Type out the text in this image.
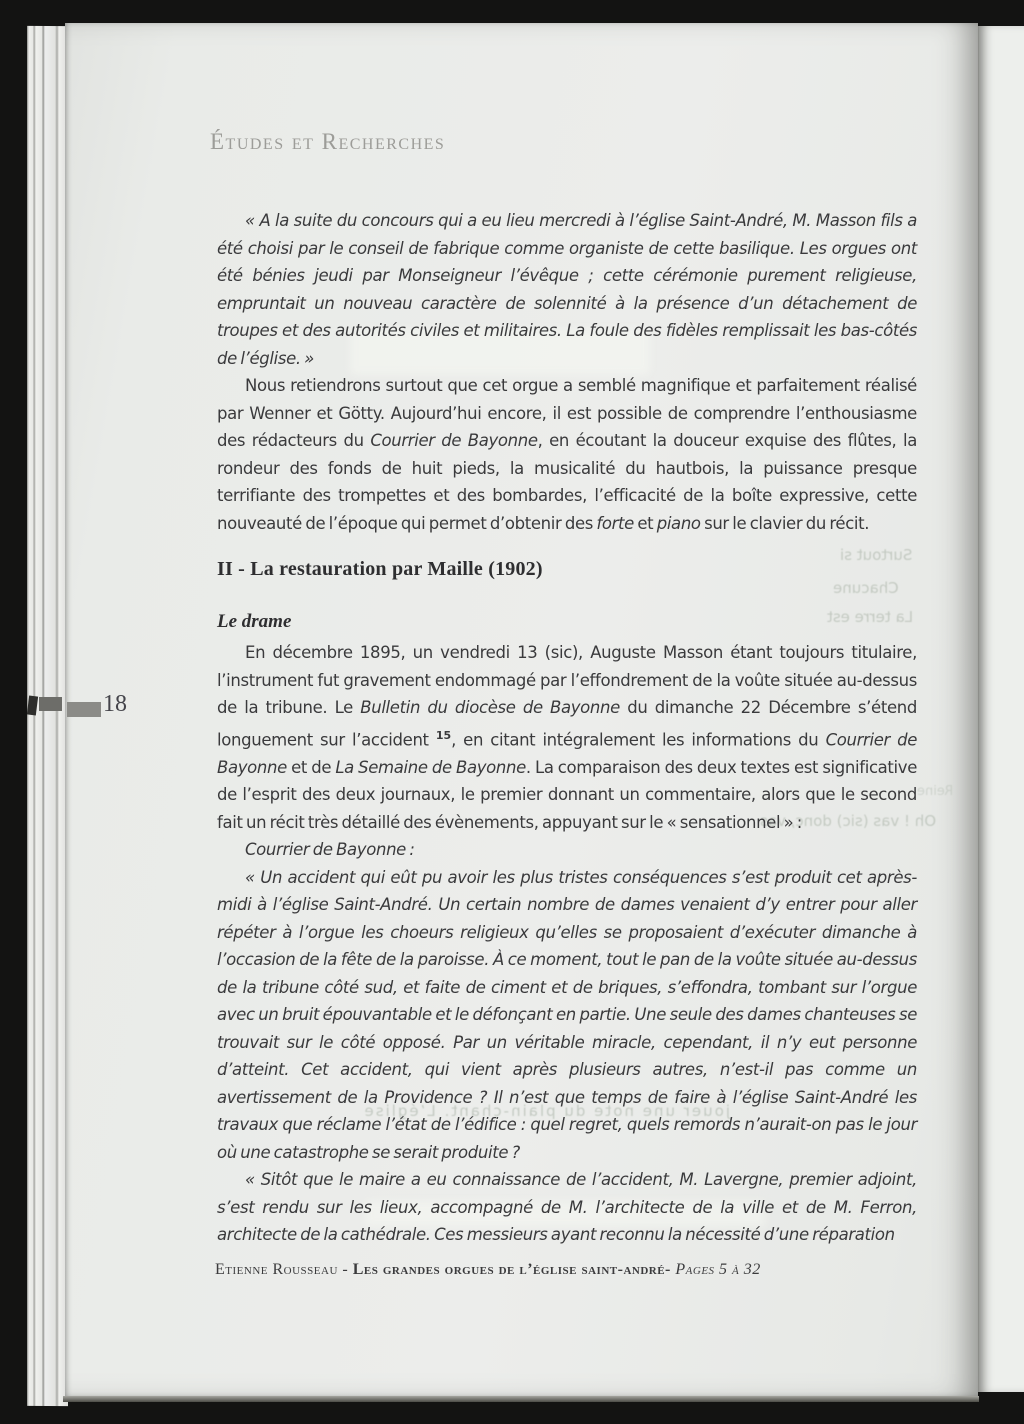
Surtout si
Chacune
La terre est
Reine
Oh ! vas (sic) donc, vas
jouer une note du plain-chant. L’église
Études et Recherches

« A la suite du concours qui a eu lieu mercredi à l’église Saint-André, M. Masson fils a été choisi par le conseil de fabrique comme organiste de cette basilique. Les orgues ont été bénies jeudi par Monseigneur l’évêque ; cette cérémonie purement religieuse, empruntait un nouveau caractère de solennité à la présence d’un détachement de troupes et des autorités civiles et militaires. La foule des fidèles remplissait les bas-côtés de l’église. »

Nous retiendrons surtout que cet orgue a semblé magnifique et parfaitement réalisé par Wenner et Götty. Aujourd’hui encore, il est possible de comprendre l’enthousiasme des rédacteurs du Courrier de Bayonne, en écoutant la douceur exquise des flûtes, la rondeur des fonds de huit pieds, la musicalité du hautbois, la puissance presque terrifiante des trompettes et des bombardes, l’efficacité de la boîte expressive, cette nouveauté de l’époque qui permet d’obtenir des forte et piano sur le clavier du récit.

II - La restauration par Maille (1902)
Le drame

En décembre 1895, un vendredi 13 (sic), Auguste Masson étant toujours titulaire, l’instrument fut gravement endommagé par l’effondrement de la voûte située au-dessus de la tribune. Le Bulletin du diocèse de Bayonne du dimanche 22 Décembre s’étend longuement sur l’accident $^{15}$, en citant intégralement les informations du Courrier de Bayonne et de La Semaine de Bayonne. La comparaison des deux textes est significative de l’esprit des deux journaux, le premier donnant un commentaire, alors que le second fait un récit très détaillé des évènements, appuyant sur le « sensationnel » :

Courrier de Bayonne :

« Un accident qui eût pu avoir les plus tristes conséquences s’est produit cet après-midi à l’église Saint-André. Un certain nombre de dames venaient d’y entrer pour aller répéter à l’orgue les choeurs religieux qu’elles se proposaient d’exécuter dimanche à l’occasion de la fête de la paroisse. À ce moment, tout le pan de la voûte située au-dessus de la tribune côté sud, et faite de ciment et de briques, s’effondra, tombant sur l’orgue avec un bruit épouvantable et le défonçant en partie. Une seule des dames chanteuses se trouvait sur le côté opposé. Par un véritable miracle, cependant, il n’y eut personne d’atteint. Cet accident, qui vient après plusieurs autres, n’est-il pas comme un avertissement de la Providence ? Il n’est que temps de faire à l’église Saint-André les travaux que réclame l’état de l’édifice : quel regret, quels remords n’aurait-on pas le jour où une catastrophe se serait produite ?

« Sitôt que le maire a eu connaissance de l’accident, M. Lavergne, premier adjoint, s’est rendu sur les lieux, accompagné de M. l’architecte de la ville et de M. Ferron, architecte de la cathédrale. Ces messieurs ayant reconnu la nécessité d’une réparation

18
Etienne Rousseau - Les grandes orgues de l’église saint-andré- Pages 5 à 32
